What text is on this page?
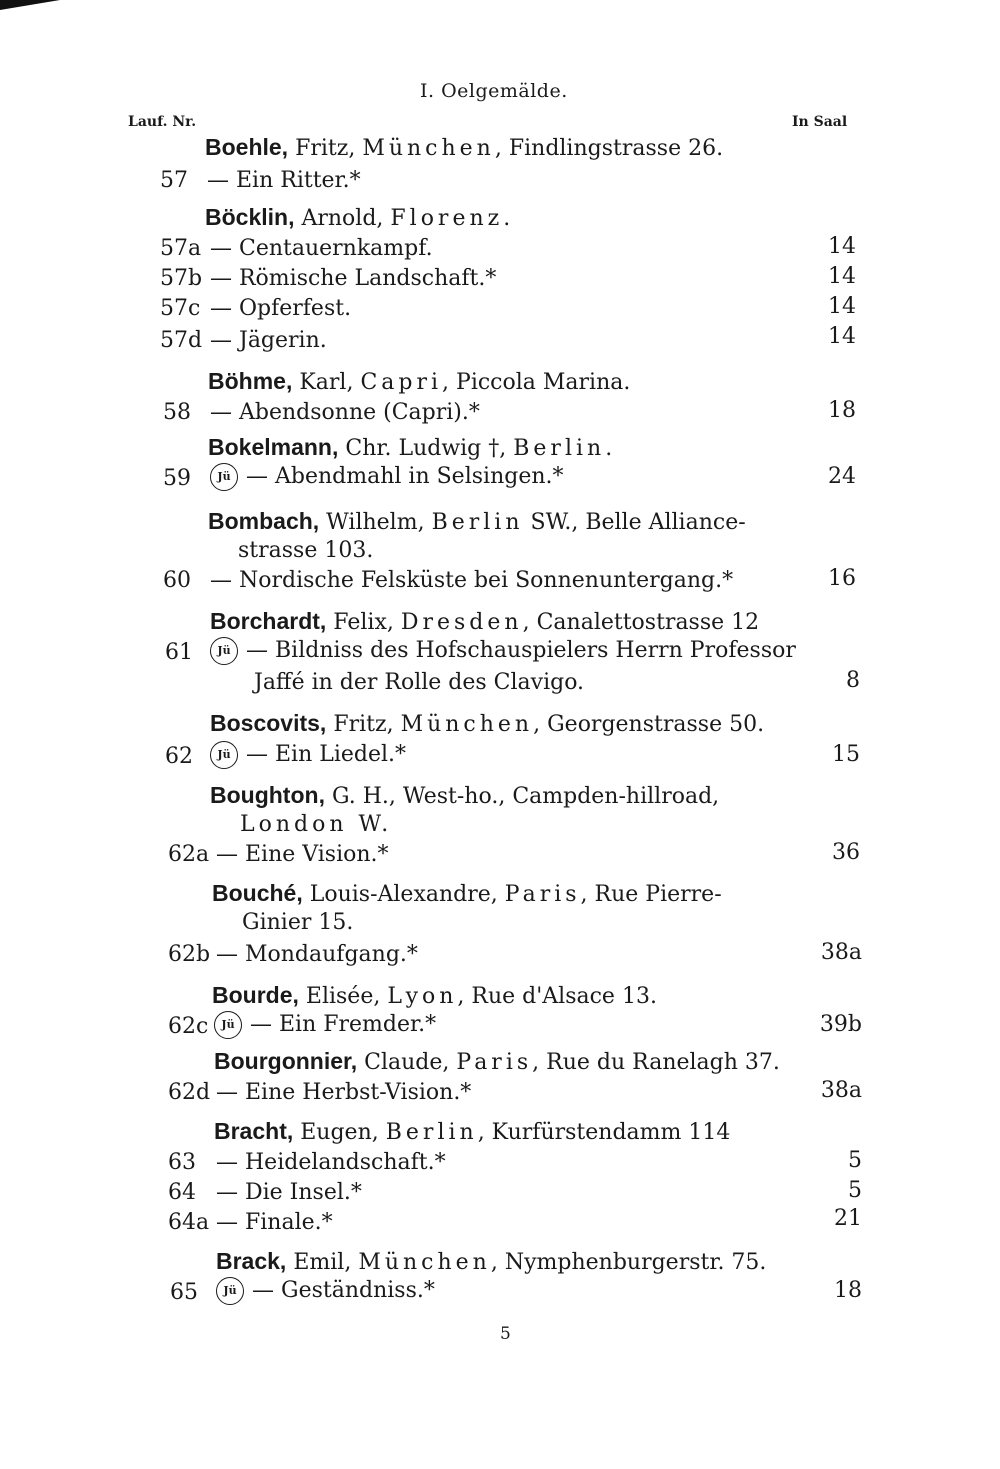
I. Oelgemälde.
Lauf. Nr.	In Saal
Boehle, Fritz, München, Findlingstrasse 26.
57 — Ein Ritter.*
Böcklin, Arnold, Florenz.
57a — Centauernkampf.	14
57b — Römische Landschaft.*	14
57c — Opferfest.	14
57d — Jägerin.	14
Böhme, Karl, Capri, Piccola Marina.
58 — Abendsonne (Capri).*	18
Bokelmann, Chr. Ludwig †, Berlin.
59	Jü — Abendmahl in Selsingen.*	24
Bombach, Wilhelm, Berlin SW., Belle Alliance-
strasse 103.
60 — Nordische Felsküste bei Sonnenuntergang.*	16
Borchardt, Felix, Dresden, Canalettostrasse 12
61	Jü — Bildniss des Hofschauspielers Herrn Professor
Jaffé in der Rolle des Clavigo.	8
Boscovits, Fritz, München, Georgenstrasse 50.
62	Jü — Ein Liedel.*	15
Boughton, G. H., West-ho., Campden-hillroad,
London W.
62a — Eine Vision.*	36
Bouché, Louis-Alexandre, Paris, Rue Pierre-
Ginier 15.
62b — Mondaufgang.*	38a
Bourde, Elisée, Lyon, Rue d'Alsace 13.
62c	Jü — Ein Fremder.*	39b
Bourgonnier, Claude, Paris, Rue du Ranelagh 37.
62d — Eine Herbst-Vision.*	38a
Bracht, Eugen, Berlin, Kurfürstendamm 114
63 — Heidelandschaft.*	5
64 — Die Insel.*	5
64a — Finale.*	21
Brack, Emil, München, Nymphenburgerstr. 75.
65	Jü — Geständniss.*	18
5
